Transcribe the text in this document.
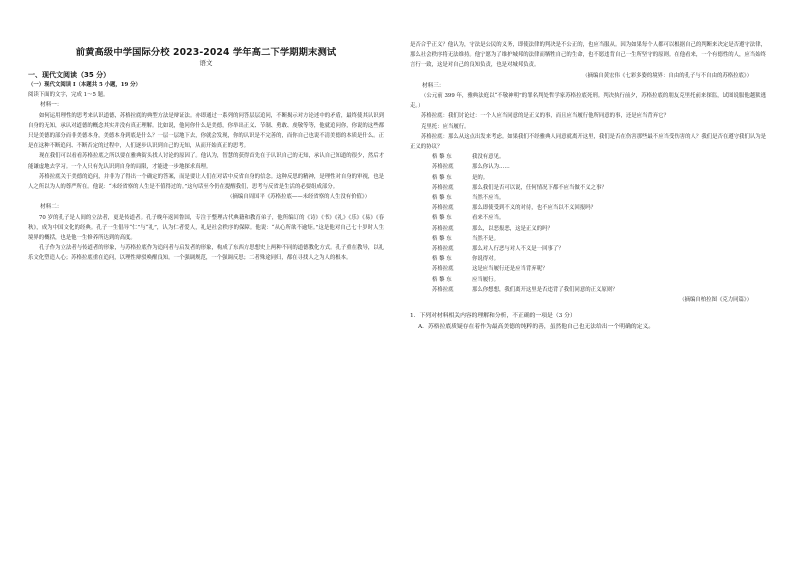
前黄高级中学国际分校 2023-2024 学年高二下学期期末测试
语文

一、现代文阅读（35 分）

（一）现代文阅读 I（本题共 5 小题，19 分）

阅读下面的文字，完成 1～5 题。

材料一：

如何运用理性的思考来认识道德，苏格拉底的典型方法是辩证法。亦即通过一系列的问答层层追问，不断揭示对方论述中的矛盾，最终使其认识到自身的无知，承认对道德的概念其实并没有真正理解。比如说，他问你什么是美德，你举出正义、节制、勇敢、虔敬等等，他就追问你，你说的这些都只是美德的部分而非美德本身，美德本身到底是什么？一层一层地下去，你就会发现，你的认识是不完善的，而你自己也说不清美德的本质是什么。正是在这种不断追问、不断否定的过程中，人们逐步认识到自己的无知，从而开始真正的思考。

现在我们可以看看苏格拉底之所以要在雅典街头找人讨论的原因了。他认为，智慧的获得首先在于认识自己的无知，承认自己知道的很少，然后才能谦虚地去学习。一个人只有先认识到自身的局限，才能进一步地探求真理。

苏格拉底关于美德的追问，并非为了得出一个确定的答案，而是要让人们在对话中反省自身的信念。这种反思的精神，是理性对自身的审视，也是人之所以为人的尊严所在。他说：“未经省察的人生是不值得过的。”这句话至今仍在提醒我们，思考与反省是生活的必要组成部分。

（摘编自周国平《苏格拉底——未经省察的人生没有价值》）

材料二：

70 岁的孔子是人间的立法者，更是传道者。孔子晚年返回鲁国，专注于整理古代典籍和教育弟子，他所编订的《诗》《书》《礼》《乐》《易》《春秋》，成为中国文化的经典。孔子一生倡导“仁”与“礼”，认为仁者爱人，礼是社会秩序的保障。他说：“从心所欲不逾矩。”这是他对自己七十岁时人生境界的概括，也是他一生修养所达到的高度。

孔子作为立法者与传道者的形象，与苏格拉底作为追问者与启发者的形象，构成了东西方思想史上两种不同的道德教化方式。孔子重在教导，以礼乐文化塑造人心；苏格拉底重在追问，以理性辩驳唤醒良知。一个强调规范，一个强调反思；二者殊途同归，都在寻找人之为人的根本。

是否合乎正义？他认为，守法是公民的义务，即使法律的判决是不公正的，也应当服从。因为如果每个人都可以根据自己的判断来决定是否遵守法律，那么社会秩序将无法维持。他宁愿为了维护城邦的法律而牺牲自己的生命，也不愿违背自己一生所坚守的原则。在他看来，一个有德性的人，应当始终言行一致，这是对自己的良知负责，也是对城邦负责。

（摘编自黄宏伟《七彩多姿的境界：自由的孔子与不自由的苏格拉底》）

材料三：

（公元前 399 年，雅典法庭以“不敬神明”的罪名判处哲学家苏格拉底死刑。判决执行前夕，苏格拉底的朋友克里托前来探监，试图说服他越狱逃走。）

苏格拉底：我们讨论过：一个人应当同意的是正义的事，而且应当履行他所同意的事，还是应当背弃它？

克里托：应当履行。

苏格拉底：那么从这点出发来考虑。如果我们不经雅典人同意就离开这里，我们是否在伤害那些最不应当受伤害的人？我们是否在遵守我们认为是正义的协议？

格 黎 东	我没有意见。

苏格拉底	那么你认为……

格 黎 东	是的。

苏格拉底	那么我们是否可以说，任何情况下都不应当做不义之事？

格 黎 东	当然不应当。

苏格拉底	那么即使受到不义的对待，也不应当以不义回报吗？

格 黎 东	看来不应当。

苏格拉底	那么，以恶报恶，这是正义的吗？

格 黎 东	当然不是。

苏格拉底	那么对人行恶与对人不义是一回事了？

格 黎 东	你说得对。

苏格拉底	这是应当履行还是应当背弃呢？

格 黎 东	应当履行。

苏格拉底	那么你想想，我们离开这里是否违背了我们同意的正义原则？

（摘编自柏拉图《克力同篇》）

1．下列对材料相关内容的理解和分析，不正确的一项是（3 分）

A．苏格拉底质疑存在着作为最高美德的纯粹的善，虽然他自己也无法给出一个明确的定义。
